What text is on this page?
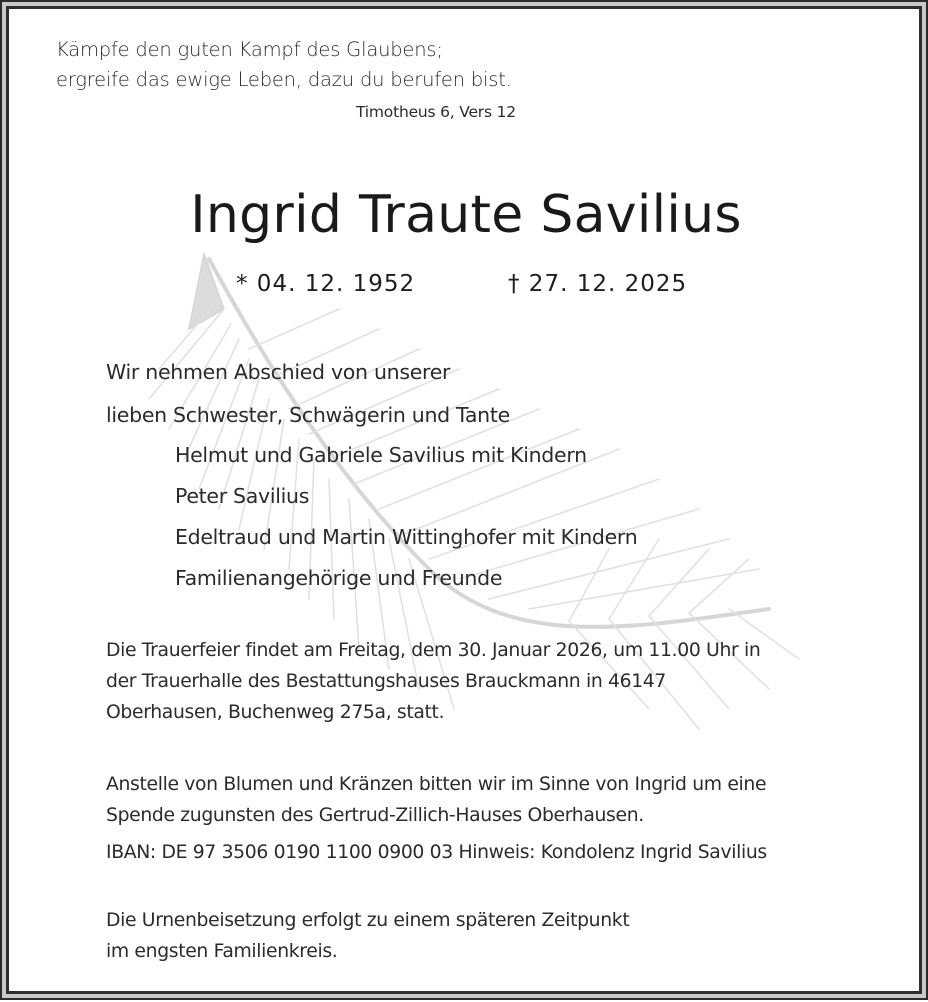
Kämpfe den guten Kampf des Glaubens;
ergreife das ewige Leben, dazu du berufen bist.
Timotheus 6, Vers 12
Ingrid Traute Savilius
* 04. 12. 1952	† 27. 12. 2025
Wir nehmen Abschied von unserer
lieben Schwester, Schwägerin und Tante
Helmut und Gabriele Savilius mit Kindern
Peter Savilius
Edeltraud und Martin Wittinghofer mit Kindern
Familienangehörige und Freunde
Die Trauerfeier findet am Freitag, dem 30. Januar 2026, um 11.00 Uhr in
der Trauerhalle des Bestattungshauses Brauckmann in 46147
Oberhausen, Buchenweg 275a, statt.
Anstelle von Blumen und Kränzen bitten wir im Sinne von Ingrid um eine
Spende zugunsten des Gertrud-Zillich-Hauses Oberhausen.
IBAN: DE 97 3506 0190 1100 0900 03 Hinweis: Kondolenz Ingrid Savilius
Die Urnenbeisetzung erfolgt zu einem späteren Zeitpunkt
im engsten Familienkreis.
